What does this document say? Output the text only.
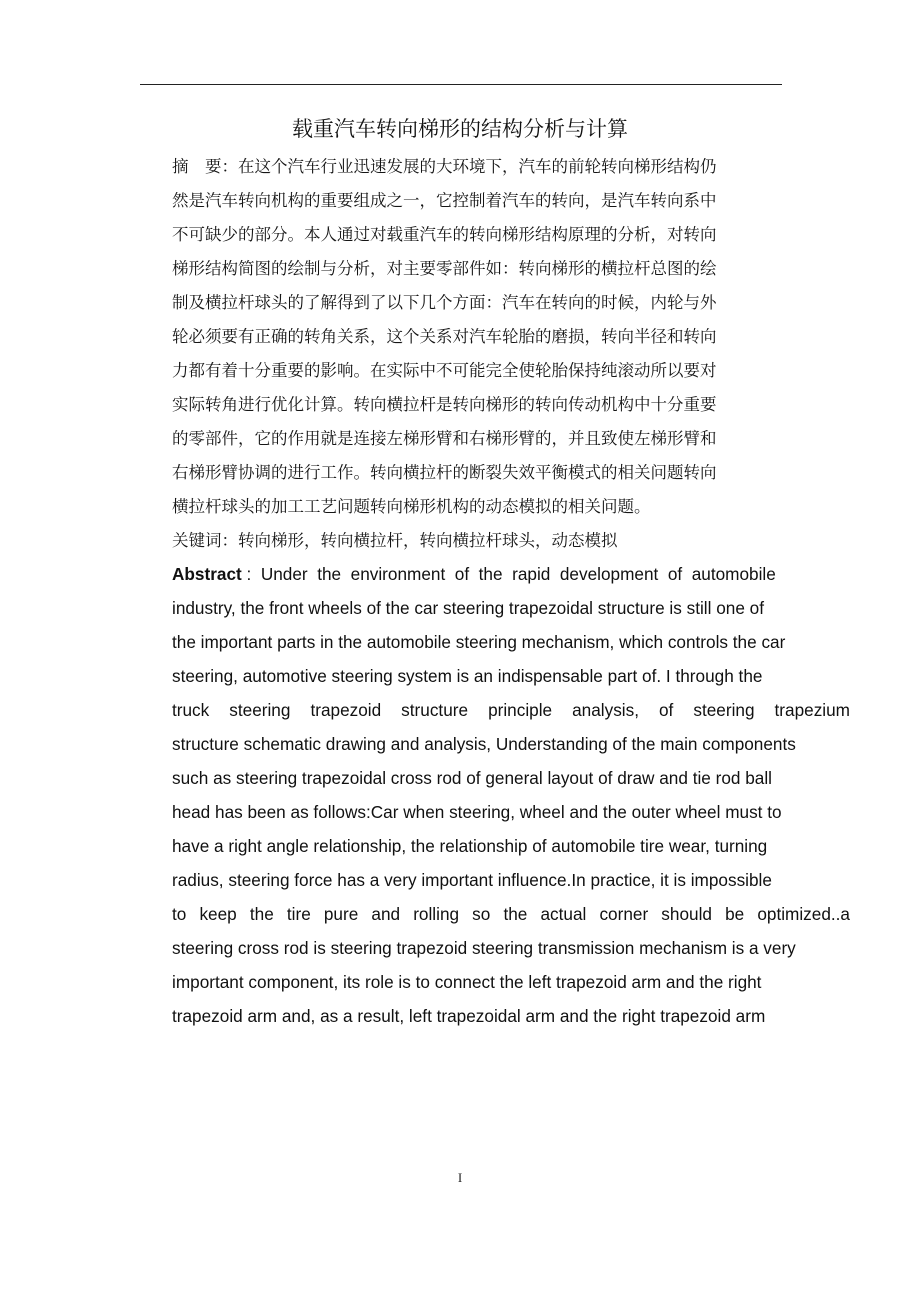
载重汽车转向梯形的结构分析与计算
摘　要：在这个汽车行业迅速发展的大环境下，汽车的前轮转向梯形结构仍
然是汽车转向机构的重要组成之一，它控制着汽车的转向，是汽车转向系中
不可缺少的部分。本人通过对载重汽车的转向梯形结构原理的分析，对转向
梯形结构简图的绘制与分析，对主要零部件如：转向梯形的横拉杆总图的绘
制及横拉杆球头的了解得到了以下几个方面：汽车在转向的时候，内轮与外
轮必须要有正确的转角关系，这个关系对汽车轮胎的磨损，转向半径和转向
力都有着十分重要的影响。在实际中不可能完全使轮胎保持纯滚动所以要对
实际转角进行优化计算。转向横拉杆是转向梯形的转向传动机构中十分重要
的零部件，它的作用就是连接左梯形臂和右梯形臂的，并且致使左梯形臂和
右梯形臂协调的进行工作。转向横拉杆的断裂失效平衡模式的相关问题转向
横拉杆球头的加工工艺问题转向梯形机构的动态模拟的相关问题。
关键词：转向梯形，转向横拉杆，转向横拉杆球头，动态模拟
Abstract :  Under  the  environment  of  the  rapid  development  of  automobile
industry, the front wheels of the car steering trapezoidal structure is still one of
the important parts in the automobile steering mechanism, which controls the car
steering, automotive steering system is an indispensable part of. I through the
truck steering trapezoid structure principle analysis, of steering trapezium
structure schematic drawing and analysis, Understanding of the main components
such as steering trapezoidal cross rod of general layout of draw and tie rod ball
head has been as follows:Car when steering, wheel and the outer wheel must to
have a right angle relationship, the relationship of automobile tire wear, turning
radius, steering force has a very important influence.In practice, it is impossible
to keep the tire pure and rolling so the actual corner should be optimized..a
steering cross rod is steering trapezoid steering transmission mechanism is a very
important component, its role is to connect the left trapezoid arm and the right
trapezoid arm and, as a result, left trapezoidal arm and the right trapezoid arm
I
